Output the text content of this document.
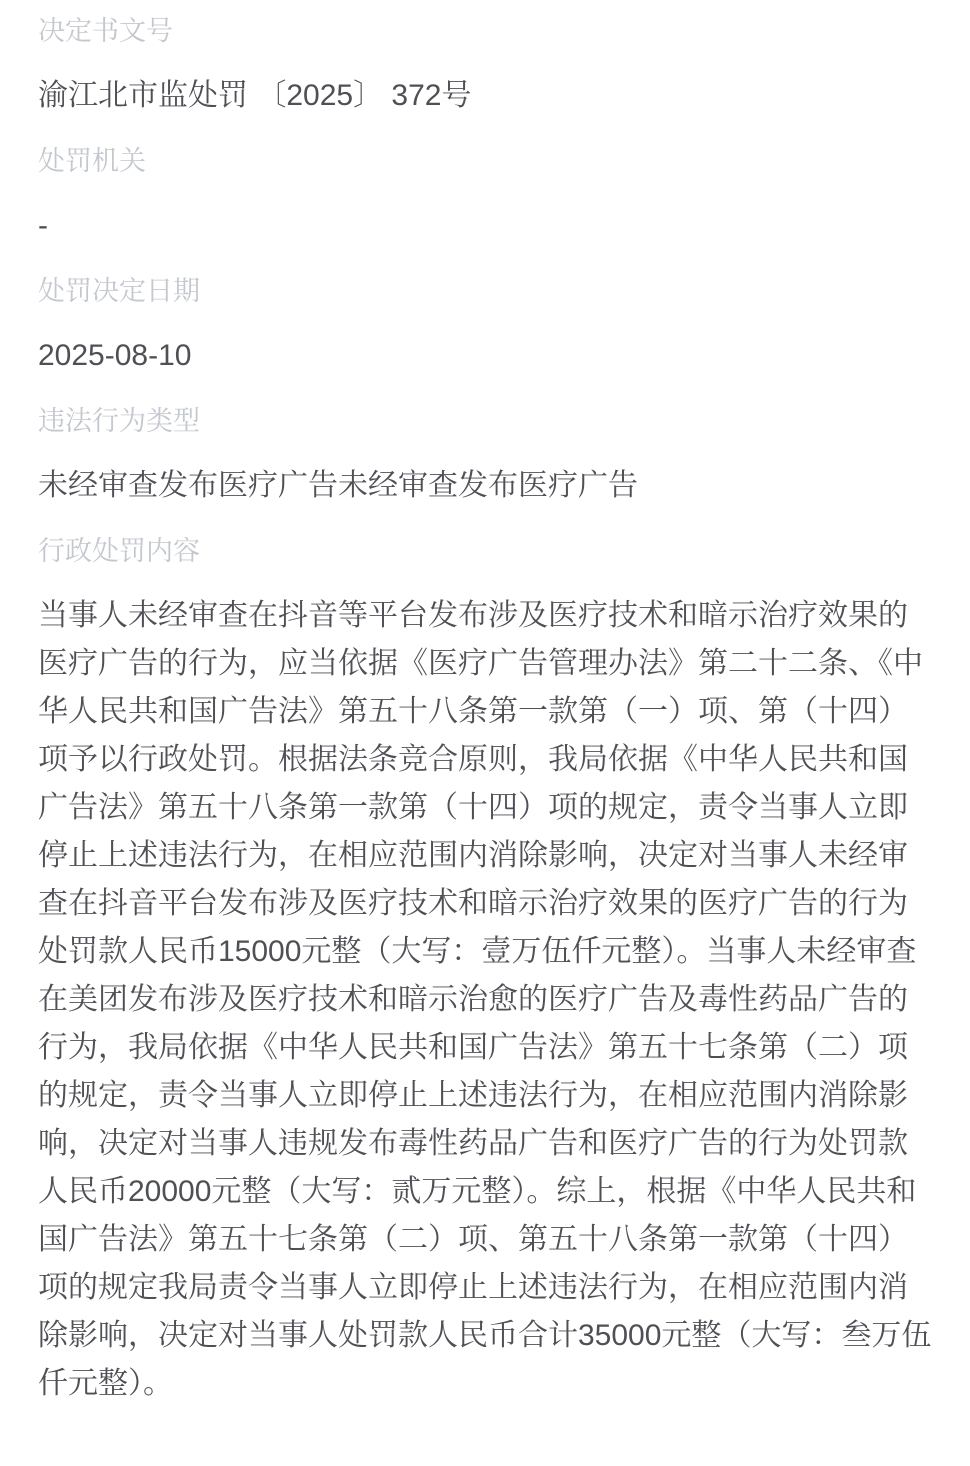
决定书文号
渝江北市监处罚 〔2025〕 372号
处罚机关
-
处罚决定日期
2025-08-10
违法行为类型
未经审查发布医疗广告未经审查发布医疗广告
行政处罚内容
当事人未经审查在抖音等平台发布涉及医疗技术和暗示治疗效果的医疗广告的行为，应当依据《医疗广告管理办法》第二十二条、《中华人民共和国广告法》第五十八条第一款第（一）项、第（十四）项予以行政处罚。根据法条竞合原则，我局依据《中华人民共和国广告法》第五十八条第一款第（十四）项的规定，责令当事人立即停止上述违法行为，在相应范围内消除影响，决定对当事人未经审查在抖音平台发布涉及医疗技术和暗示治疗效果的医疗广告的行为处罚款人民币15000元整（大写：壹万伍仟元整）。当事人未经审查在美团发布涉及医疗技术和暗示治愈的医疗广告及毒性药品广告的行为，我局依据《中华人民共和国广告法》第五十七条第（二）项的规定，责令当事人立即停止上述违法行为，在相应范围内消除影响，决定对当事人违规发布毒性药品广告和医疗广告的行为处罚款人民币20000元整（大写：贰万元整）。综上，根据《中华人民共和国广告法》第五十七条第（二）项、第五十八条第一款第（十四）项的规定我局责令当事人立即停止上述违法行为，在相应范围内消除影响，决定对当事人处罚款人民币合计35000元整（大写：叁万伍仟元整）。
